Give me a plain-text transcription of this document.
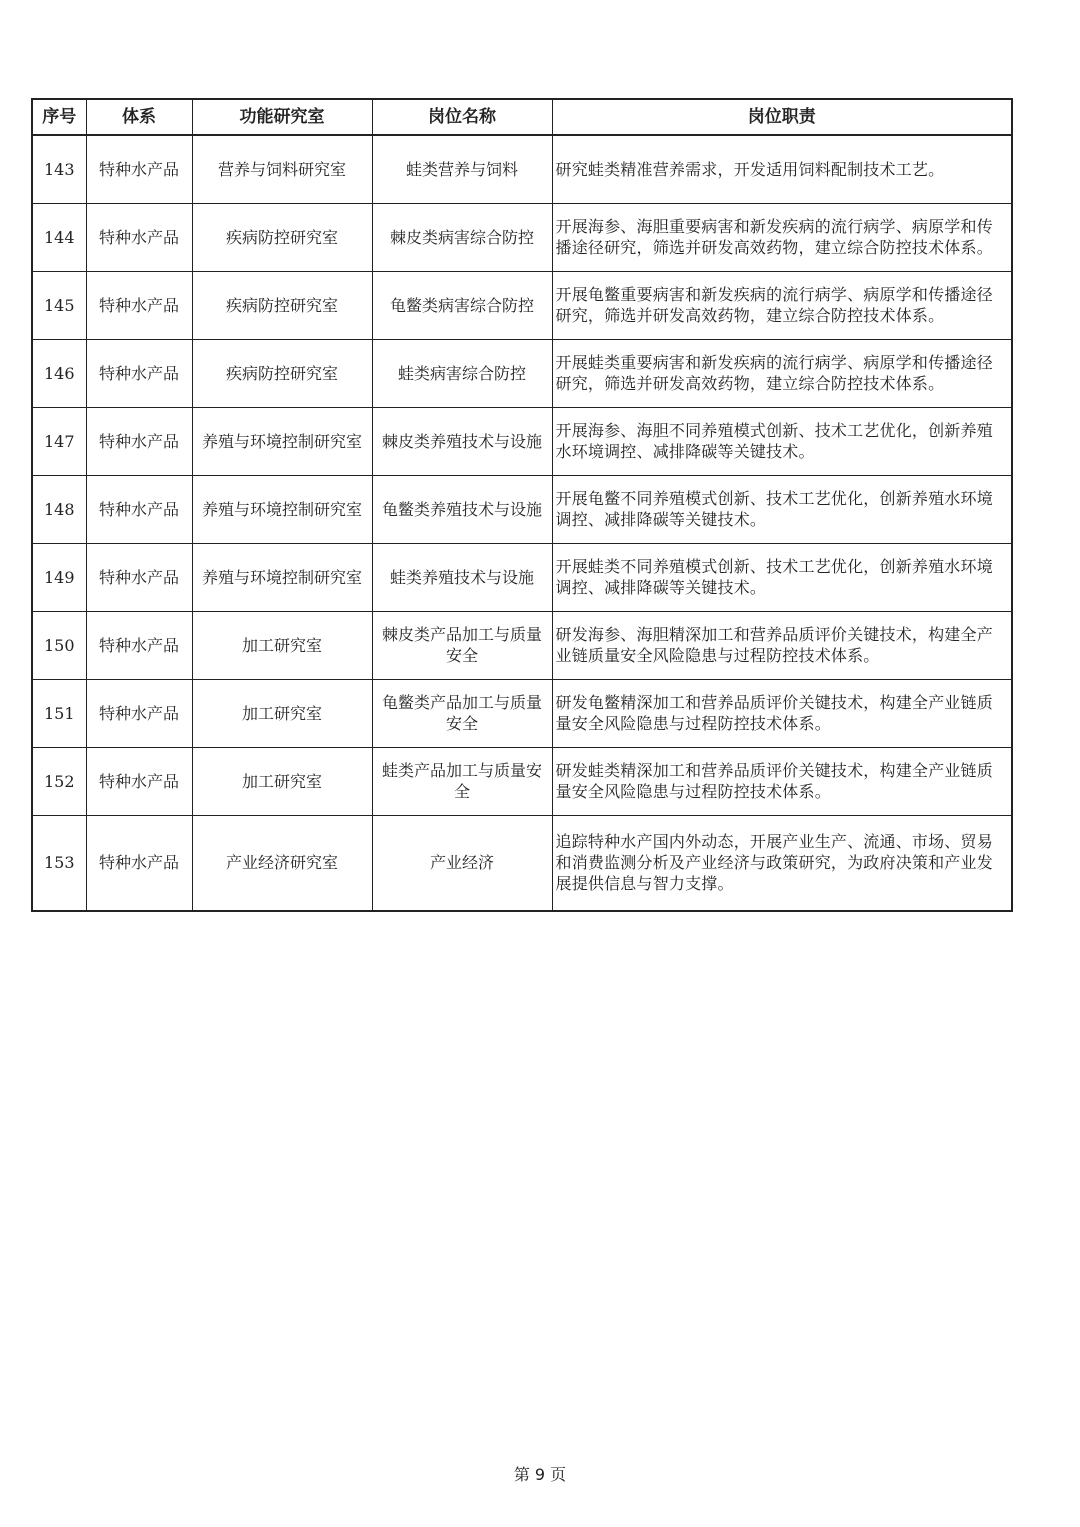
序号	体系	功能研究室	岗位名称	岗位职责
143	特种水产品	营养与饲料研究室	蛙类营养与饲料	研究蛙类精准营养需求，开发适用饲料配制技术工艺。
144	特种水产品	疾病防控研究室	棘皮类病害综合防控	开展海参、海胆重要病害和新发疾病的流行病学、病原学和传播途径研究，筛选并研发高效药物，建立综合防控技术体系。
145	特种水产品	疾病防控研究室	龟鳖类病害综合防控	开展龟鳖重要病害和新发疾病的流行病学、病原学和传播途径研究，筛选并研发高效药物，建立综合防控技术体系。
146	特种水产品	疾病防控研究室	蛙类病害综合防控	开展蛙类重要病害和新发疾病的流行病学、病原学和传播途径研究，筛选并研发高效药物，建立综合防控技术体系。
147	特种水产品	养殖与环境控制研究室	棘皮类养殖技术与设施	开展海参、海胆不同养殖模式创新、技术工艺优化，创新养殖水环境调控、减排降碳等关键技术。
148	特种水产品	养殖与环境控制研究室	龟鳖类养殖技术与设施	开展龟鳖不同养殖模式创新、技术工艺优化，创新养殖水环境调控、减排降碳等关键技术。
149	特种水产品	养殖与环境控制研究室	蛙类养殖技术与设施	开展蛙类不同养殖模式创新、技术工艺优化，创新养殖水环境调控、减排降碳等关键技术。
150	特种水产品	加工研究室	棘皮类产品加工与质量安全	研发海参、海胆精深加工和营养品质评价关键技术，构建全产业链质量安全风险隐患与过程防控技术体系。
151	特种水产品	加工研究室	龟鳖类产品加工与质量安全	研发龟鳖精深加工和营养品质评价关键技术，构建全产业链质量安全风险隐患与过程防控技术体系。
152	特种水产品	加工研究室	蛙类产品加工与质量安全	研发蛙类精深加工和营养品质评价关键技术，构建全产业链质量安全风险隐患与过程防控技术体系。
153	特种水产品	产业经济研究室	产业经济	追踪特种水产国内外动态，开展产业生产、流通、市场、贸易和消费监测分析及产业经济与政策研究，为政府决策和产业发展提供信息与智力支撑。
第 9 页
